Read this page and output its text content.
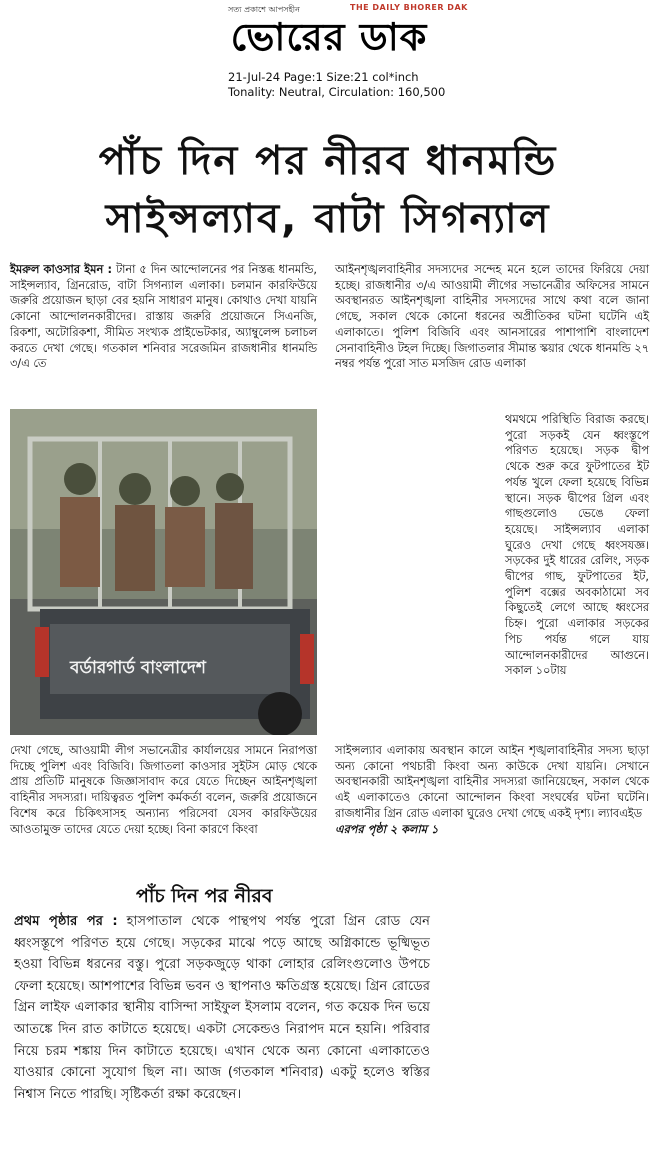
সত্য প্রকাশে আপসহীন	THE DAILY BHORER DAK
ভোরের ডাক
21-Jul-24 Page:1 Size:21 col*inch
Tonality: Neutral, Circulation: 160,500
পাঁচ দিন পর নীরব ধানমন্ডি
সাইন্সল্যাব, বাটা সিগন্যাল

ইমরুল কাওসার ইমন : টানা ৫ দিন আন্দোলনের পর নিস্তব্ধ ধানমন্ডি, সাইন্সল্যাব, গ্রিনরোড, বাটা সিগন্যাল এলাকা। চলমান কারফিউয়ে জরুরি প্রয়োজন ছাড়া বের হয়নি সাধারণ মানুষ। কোথাও দেখা যায়নি কোনো আন্দোলনকারীদের। রাস্তায় জরুরি প্রয়োজনে সিএনজি, রিকশা, অটোরিকশা, সীমিত সংখ্যক প্রাইভেটকার, অ্যাম্বুলেন্স চলাচল করতে দেখা গেছে। গতকাল শনিবার সরেজমিন রাজধানীর ধানমন্ডি ৩/এ তে

আইনশৃঙ্খলবাহিনীর সদস্যদের সন্দেহ মনে হলে তাদের ফিরিয়ে দেয়া হচ্ছে। রাজধানীর ৩/এ আওয়ামী লীগের সভানেত্রীর অফিসের সামনে অবস্থানরত আইনশৃঙ্খলা বাহিনীর সদস্যদের সাথে কথা বলে জানা গেছে, সকাল থেকে কোনো ধরনের অপ্রীতিকর ঘটনা ঘটেনি এই এলাকাতে। পুলিশ বিজিবি এবং আনসারের পাশাপাশি বাংলাদেশ সেনাবাহিনীও টহল দিচ্ছে। জিগাতলার সীমান্ত স্কয়ার থেকে ধানমন্ডি ২৭ নম্বর পর্যন্ত পুরো সাত মসজিদ রোড এলাকা
বর্ডারগার্ড বাংলাদেশ
থমথমে পরিস্থিতি বিরাজ করছে। পুরো সড়কই যেন ধ্বংস্তূপে পরিণত হয়েছে। সড়ক দ্বীপ থেকে শুরু করে ফুটপাতের ইট পর্যন্ত খুলে ফেলা হয়েছে বিভিন্ন স্থানে। সড়ক দ্বীপের গ্রিল এবং গাছগুলোও ভেঙে ফেলা হয়েছে। সাইন্সল্যাব এলাকা ঘুরেও দেখা গেছে ধ্বংসযজ্ঞ। সড়কের দুই ধারের রেলিং, সড়ক দ্বীপের গাছ, ফুটপাতের ইট, পুলিশ বক্সের অবকাঠামো সব কিছুতেই লেগে আছে ধ্বংসের চিহ্ন। পুরো এলাকার সড়কের পিচ পর্যন্ত গলে যায় আন্দোলনকারীদের আগুনে। সকাল ১০টায়
দেখা গেছে, আওয়ামী লীগ সভানেত্রীর কার্যালয়ের সামনে নিরাপত্তা দিচ্ছে পুলিশ এবং বিজিবি। জিগাতলা কাওসার সুইটস মোড় থেকে প্রায় প্রতিটি মানুষকে জিজ্ঞাসাবাদ করে যেতে দিচ্ছেন আইনশৃঙ্খলা বাহিনীর সদস্যরা। দায়িত্বরত পুলিশ কর্মকর্তা বলেন, জরুরি প্রয়োজনে বিশেষ করে চিকিৎসাসহ অন্যান্য পরিসেবা যেসব কারফিউয়ের আওতামুক্ত তাদের যেতে দেয়া হচ্ছে। বিনা কারণে কিংবা

সাইন্সল্যাব এলাকায় অবস্থান কালে আইন শৃঙ্খলাবাহিনীর সদস্য ছাড়া অন্য কোনো পথচারী কিংবা অন্য কাউকে দেখা যায়নি। সেখানে অবস্থানকারী আইনশৃঙ্খলা বাহিনীর সদস্যরা জানিয়েছেন, সকাল থেকে এই এলাকাতেও কোনো আন্দোলন কিংবা সংঘর্ষের ঘটনা ঘটেনি। রাজধানীর গ্রিন রোড এলাকা ঘুরেও দেখা গেছে একই দৃশ্য। ল্যাবএইড

এরপর পৃষ্ঠা ২ কলাম ১

পাঁচ দিন পর নীরব
প্রথম পৃষ্ঠার পর : হাসপাতাল থেকে পান্থপথ পর্যন্ত পুরো গ্রিন রোড যেন ধ্বংসস্তূপে পরিণত হয়ে গেছে। সড়কের মাঝে পড়ে আছে অগ্নিকান্ডে ভূষ্মিভূত হওয়া বিভিন্ন ধরনের বস্তু। পুরো সড়কজুড়ে থাকা লোহার রেলিংগুলোও উপচে ফেলা হয়েছে। আশপাশের বিভিন্ন ভবন ও স্থাপনাও ক্ষতিগ্রস্ত হয়েছে। গ্রিন রোডের গ্রিন লাইফ এলাকার স্থানীয় বাসিন্দা সাইফুল ইসলাম বলেন, গত কয়েক দিন ভয়ে আতঙ্কে দিন রাত কাটাতে হয়েছে। একটা সেকেন্ডও নিরাপদ মনে হয়নি। পরিবার নিয়ে চরম শঙ্কায় দিন কাটাতে হয়েছে। এখান থেকে অন্য কোনো এলাকাতেও যাওয়ার কোনো সুযোগ ছিল না। আজ (গতকাল শনিবার) একটু হলেও স্বস্তির নিশ্বাস নিতে পারছি। সৃষ্টিকর্তা রক্ষা করেছেন।
